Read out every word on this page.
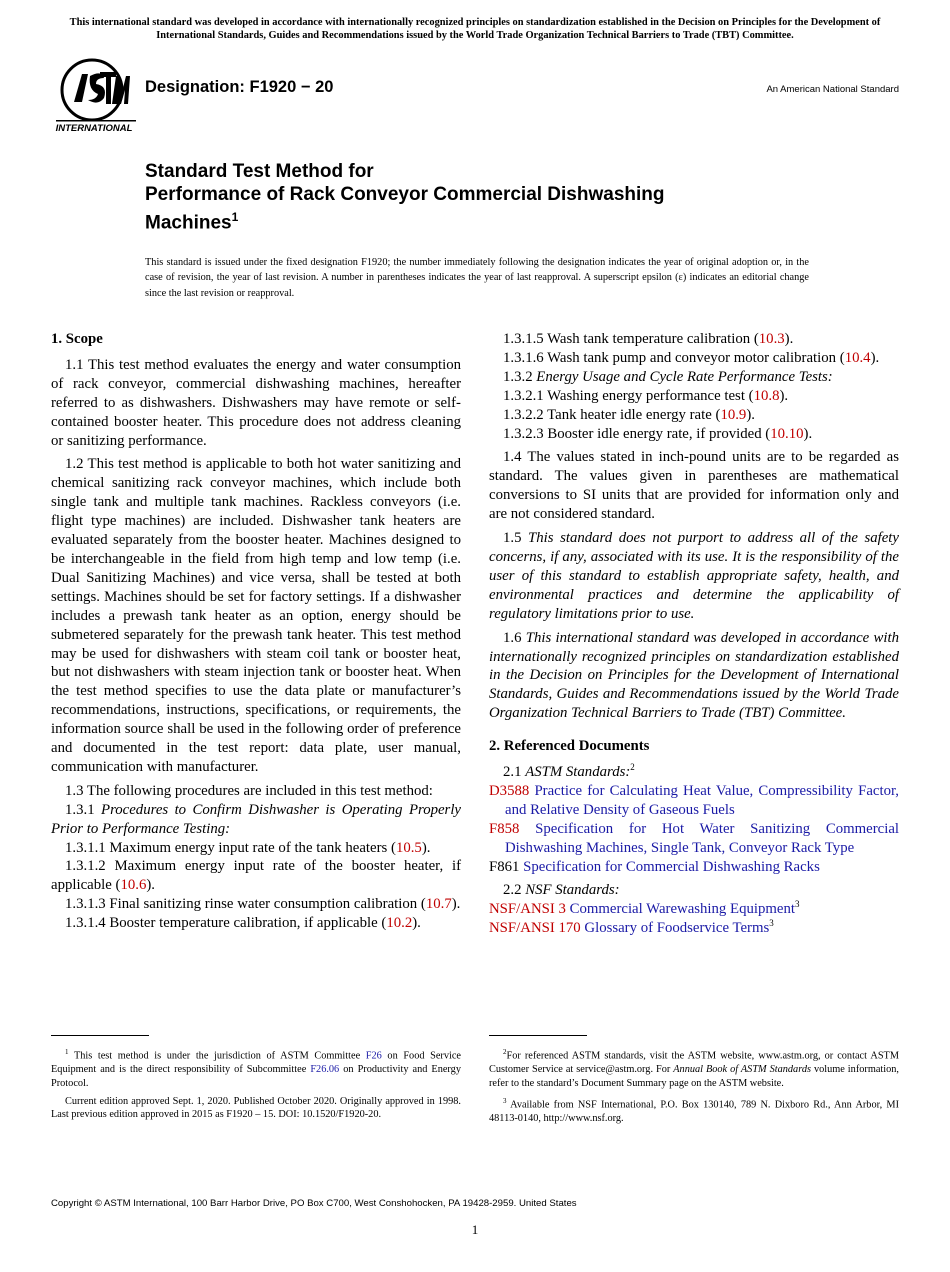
This international standard was developed in accordance with internationally recognized principles on standardization established in the Decision on Principles for the Development of International Standards, Guides and Recommendations issued by the World Trade Organization Technical Barriers to Trade (TBT) Committee.
INTERNATIONAL
Designation: F1920 − 20	An American National Standard
Standard Test Method for
Performance of Rack Conveyor Commercial Dishwashing
Machines$^1$
This standard is issued under the fixed designation F1920; the number immediately following the designation indicates the year of original adoption or, in the case of revision, the year of last revision. A number in parentheses indicates the year of last reapproval. A superscript epsilon (ε) indicates an editorial change since the last revision or reapproval.
1. Scope

1.1 This test method evaluates the energy and water consumption of rack conveyor, commercial dishwashing machines, hereafter referred to as dishwashers. Dishwashers may have remote or self-contained booster heater. This procedure does not address cleaning or sanitizing performance.

1.2 This test method is applicable to both hot water sanitizing and chemical sanitizing rack conveyor machines, which include both single tank and multiple tank machines. Rackless conveyors (i.e. flight type machines) are included. Dishwasher tank heaters are evaluated separately from the booster heater. Machines designed to be interchangeable in the field from high temp and low temp (i.e. Dual Sanitizing Machines) and vice versa, shall be tested at both settings. Machines should be set for factory settings. If a dishwasher includes a prewash tank heater as an option, energy should be submetered separately for the prewash tank heater. This test method may be used for dishwashers with steam coil tank or booster heat, but not dishwashers with steam injection tank or booster heat. When the test method specifies to use the data plate or manufacturer’s recommendations, instructions, specifications, or requirements, the information source shall be used in the following order of preference and documented in the test report: data plate, user manual, communication with manufacturer.

1.3 The following procedures are included in this test method:

1.3.1 Procedures to Confirm Dishwasher is Operating Properly Prior to Performance Testing:

1.3.1.1 Maximum energy input rate of the tank heaters (10.5).

1.3.1.2 Maximum energy input rate of the booster heater, if applicable (10.6).

1.3.1.3 Final sanitizing rinse water consumption calibration (10.7).

1.3.1.4 Booster temperature calibration, if applicable (10.2).

1.3.1.5 Wash tank temperature calibration (10.3).

1.3.1.6 Wash tank pump and conveyor motor calibration (10.4).

1.3.2 Energy Usage and Cycle Rate Performance Tests:

1.3.2.1 Washing energy performance test (10.8).

1.3.2.2 Tank heater idle energy rate (10.9).

1.3.2.3 Booster idle energy rate, if provided (10.10).

1.4 The values stated in inch-pound units are to be regarded as standard. The values given in parentheses are mathematical conversions to SI units that are provided for information only and are not considered standard.

1.5 This standard does not purport to address all of the safety concerns, if any, associated with its use. It is the responsibility of the user of this standard to establish appropriate safety, health, and environmental practices and determine the applicability of regulatory limitations prior to use.

1.6 This international standard was developed in accordance with internationally recognized principles on standardization established in the Decision on Principles for the Development of International Standards, Guides and Recommendations issued by the World Trade Organization Technical Barriers to Trade (TBT) Committee.

2. Referenced Documents

2.1 ASTM Standards:$^2$

D3588 Practice for Calculating Heat Value, Compressibility Factor, and Relative Density of Gaseous Fuels
F858 Specification for Hot Water Sanitizing Commercial Dishwashing Machines, Single Tank, Conveyor Rack Type
F861 Specification for Commercial Dishwashing Racks

2.2 NSF Standards:

NSF/ANSI 3 Commercial Warewashing Equipment$^3$
NSF/ANSI 170 Glossary of Foodservice Terms$^3$

$^1$ This test method is under the jurisdiction of ASTM Committee F26 on Food Service Equipment and is the direct responsibility of Subcommittee F26.06 on Productivity and Energy Protocol.

Current edition approved Sept. 1, 2020. Published October 2020. Originally approved in 1998. Last previous edition approved in 2015 as F1920 – 15. DOI: 10.1520/F1920-20.

$^2$For referenced ASTM standards, visit the ASTM website, www.astm.org, or contact ASTM Customer Service at service@astm.org. For Annual Book of ASTM Standards volume information, refer to the standard’s Document Summary page on the ASTM website.

$^3$ Available from NSF International, P.O. Box 130140, 789 N. Dixboro Rd., Ann Arbor, MI 48113-0140, http://www.nsf.org.

Copyright © ASTM International, 100 Barr Harbor Drive, PO Box C700, West Conshohocken, PA 19428-2959. United States
1
